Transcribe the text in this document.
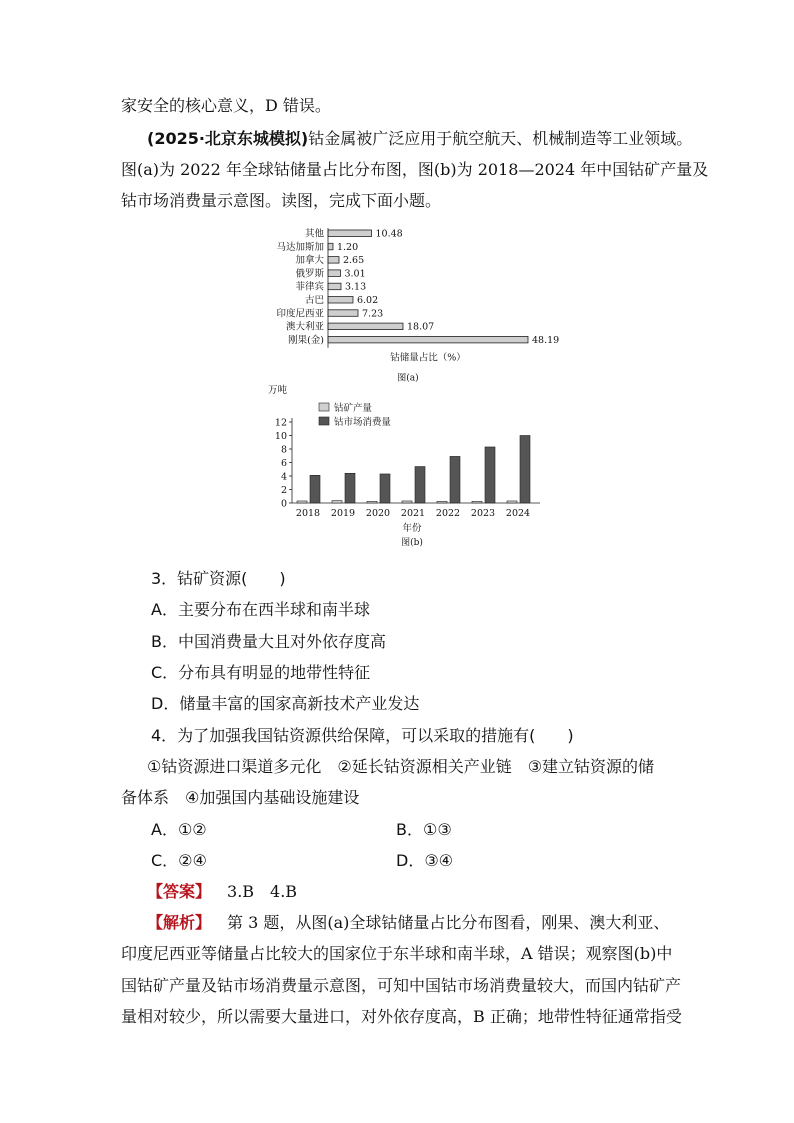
家安全的核心意义，D 错误。
(2025·北京东城模拟)钴金属被广泛应用于航空航天、机械制造等工业领域。
图(a)为 2022 年全球钴储量占比分布图，图(b)为 2018—2024 年中国钴矿产量及
钴市场消费量示意图。读图，完成下面小题。
其他	10.48
马达加斯加 1.20
加拿大 2.65
俄罗斯 3.01
菲律宾 3.13
古巴	6.02
印度尼西亚	7.23
澳大利亚	18.07
刚果(金)	48.19
钴储量占比（%）
图(a)
万吨
0
2
4
6
8
10
12
2018 2019 2020 2021 2022 2023 2024
钴矿产量
钴市场消费量
年份
图(b)
3．钴矿资源(　　)
A．主要分布在西半球和南半球
B．中国消费量大且对外依存度高
C．分布具有明显的地带性特征
D．储量丰富的国家高新技术产业发达
4．为了加强我国钴资源供给保障，可以采取的措施有(　　)
①钴资源进口渠道多元化　②延长钴资源相关产业链　③建立钴资源的储
备体系　④加强国内基础设施建设
A．①②	B．①③
C．②④	D．③④
【答案】 3.B　4.B
【解析】 第 3 题，从图(a)全球钴储量占比分布图看，刚果、澳大利亚、
印度尼西亚等储量占比较大的国家位于东半球和南半球，A 错误；观察图(b)中
国钴矿产量及钴市场消费量示意图，可知中国钴市场消费量较大，而国内钴矿产
量相对较少，所以需要大量进口，对外依存度高，B 正确；地带性特征通常指受
